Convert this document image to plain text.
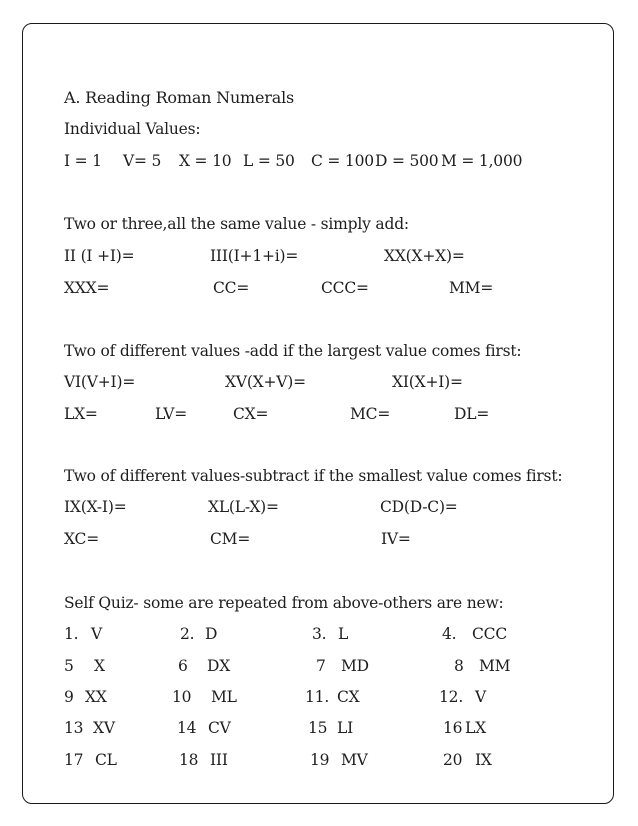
A. Reading Roman Numerals
Individual Values:
I = 1 V= 5 X = 10 L = 50 C = 100 D = 500 M = 1,000
Two or three,all the same value - simply add:
II (I +I)=	III(I+1+i)=	XX(X+X)=
XXX=	CC=	CCC=	MM=
Two of different values -add if the largest value comes first:
VI(V+I)=	XV(X+V)=	XI(X+I)=
LX=	LV=	CX=	MC=	DL=
Two of different values-subtract if the smallest value comes first:
IX(X-I)=	XL(L-X)=	CD(D-C)=
XC=	CM=	IV=
Self Quiz- some are repeated from above-others are new:
1. V	2. D	3. L	4. CCC
5 X	6 DX	7 MD	8 MM
9 XX	10 ML	11. CX	12. V
13 XV	14 CV	15 LI	16 LX
17 CL	18 III	19 MV	20 IX
